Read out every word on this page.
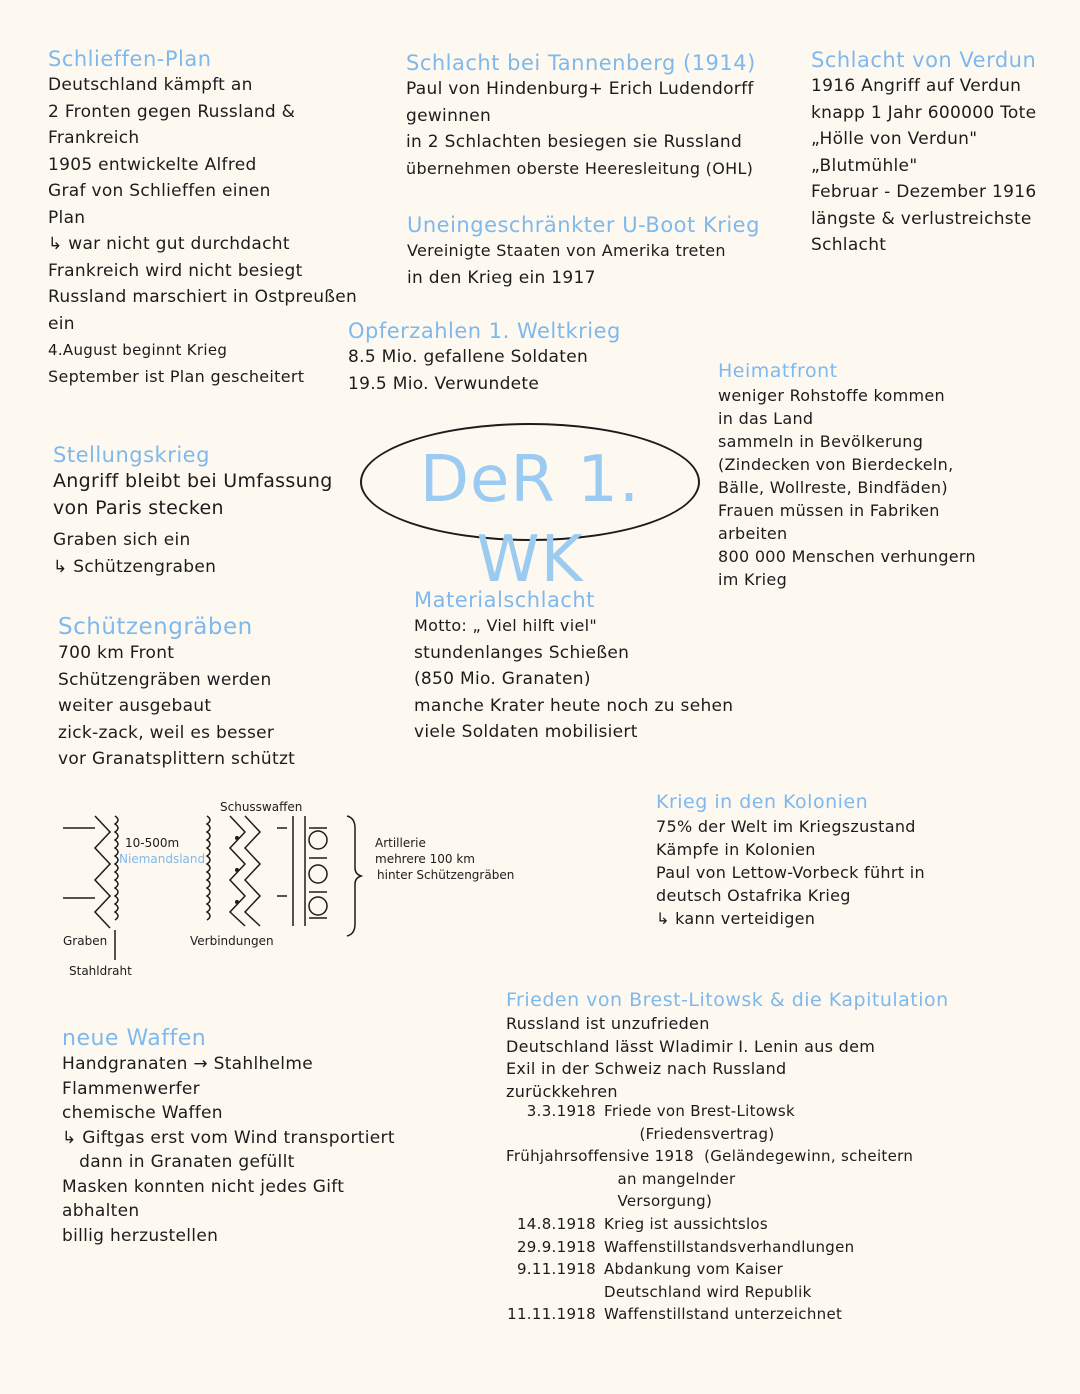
DeR 1. WK
Schlieffen-Plan
Deutschland kämpft an
2 Fronten gegen Russland &
Frankreich
1905 entwickelte Alfred
Graf von Schlieffen einen
Plan
↳ war nicht gut durchdacht
Frankreich wird nicht besiegt
Russland marschiert in Ostpreußen
ein
4.August beginnt Krieg
September ist Plan gescheitert
Schlacht bei Tannenberg (1914)
Paul von Hindenburg+ Erich Ludendorff
gewinnen
in 2 Schlachten besiegen sie Russland
übernehmen oberste Heeresleitung (OHL)
Schlacht von Verdun
1916 Angriff auf Verdun
knapp 1 Jahr 600000 Tote
„Hölle von Verdun"
„Blutmühle"
Februar - Dezember 1916
längste & verlustreichste
Schlacht
Uneingeschränkter U-Boot Krieg
Vereinigte Staaten von Amerika treten
in den Krieg ein 1917
Opferzahlen 1. Weltkrieg
8.5 Mio. gefallene Soldaten
19.5 Mio. Verwundete
Heimatfront
weniger Rohstoffe kommen
in das Land
sammeln in Bevölkerung
(Zindecken von Bierdeckeln,
Bälle, Wollreste, Bindfäden)
Frauen müssen in Fabriken
arbeiten
800 000 Menschen verhungern
im Krieg
Stellungskrieg
Angriff bleibt bei Umfassung
von Paris stecken
Graben sich ein
↳ Schützengraben
Materialschlacht
Motto: „ Viel hilft viel"
stundenlanges Schießen
(850 Mio. Granaten)
manche Krater heute noch zu sehen
viele Soldaten mobilisiert
Schützengräben
700 km Front
Schützengräben werden
weiter ausgebaut
zick-zack, weil es besser
vor Granatsplittern schützt
Schusswaffen
10-500m
Niemandsland
Artillerie
mehrere 100 km
hinter Schützengräben
Graben	Verbindungen
Stahldraht
Krieg in den Kolonien
75% der Welt im Kriegszustand
Kämpfe in Kolonien
Paul von Lettow-Vorbeck führt in
deutsch Ostafrika Krieg
↳ kann verteidigen
neue Waffen
Handgranaten → Stahlhelme
Flammenwerfer
chemische Waffen
↳ Giftgas erst vom Wind transportiert
dann in Granaten gefüllt
Masken konnten nicht jedes Gift
abhalten
billig herzustellen
Frieden von Brest-Litowsk & die Kapitulation
Russland ist unzufrieden
Deutschland lässt Wladimir I. Lenin aus dem
Exil in der Schweiz nach Russland
zurückkehren
3.3.1918 Friede von Brest-Litowsk
(Friedensvertrag)
Frühjahrsoffensive 1918  (Geländegewinn, scheitern
an mangelnder
Versorgung)
14.8.1918 Krieg ist aussichtslos
29.9.1918 Waffenstillstandsverhandlungen
9.11.1918 Abdankung vom Kaiser
Deutschland wird Republik
11.11.1918 Waffenstillstand unterzeichnet
